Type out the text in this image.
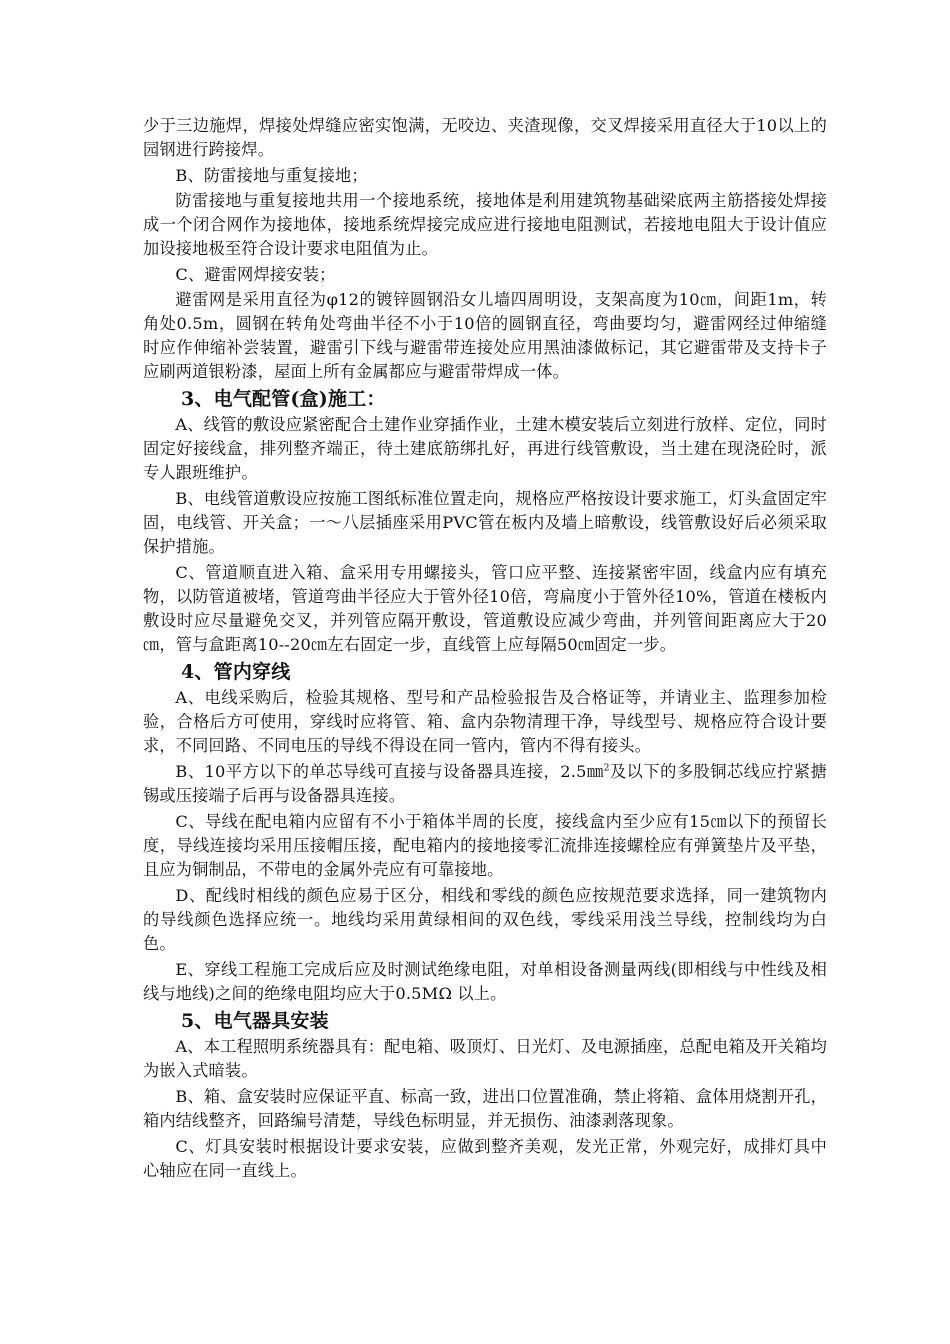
少于三边施焊，焊接处焊缝应密实饱满，无咬边、夹渣现像，交叉焊接采用直径大于10以上的园钢进行跨接焊。

B、防雷接地与重复接地；

防雷接地与重复接地共用一个接地系统，接地体是利用建筑物基础梁底两主筋搭接处焊接成一个闭合网作为接地体，接地系统焊接完成应进行接地电阻测试，若接地电阻大于设计值应加设接地极至符合设计要求电阻值为止。

C、避雷网焊接安装；

避雷网是采用直径为φ12的镀锌圆钢沿女儿墙四周明设，支架高度为10㎝，间距1m，转角处0.5m，圆钢在转角处弯曲半径不小于10倍的圆钢直径，弯曲要均匀，避雷网经过伸缩缝时应作伸缩补尝装置，避雷引下线与避雷带连接处应用黑油漆做标记，其它避雷带及支持卡子应刷两道银粉漆，屋面上所有金属都应与避雷带焊成一体。

3、电气配管(盒)施工：

A、线管的敷设应紧密配合土建作业穿插作业，土建木模安装后立刻进行放样、定位，同时固定好接线盒，排列整齐端正，待土建底筋绑扎好，再进行线管敷设，当土建在现浇砼时，派专人跟班维护。

B、电线管道敷设应按施工图纸标准位置走向，规格应严格按设计要求施工，灯头盒固定牢固，电线管、开关盒；一～八层插座采用PVC管在板内及墙上暗敷设，线管敷设好后必须采取保护措施。

C、管道顺直进入箱、盒采用专用螺接头，管口应平整、连接紧密牢固，线盒内应有填充物，以防管道被堵，管道弯曲半径应大于管外径10倍，弯扁度小于管外径10%，管道在楼板内敷设时应尽量避免交叉，并列管应隔开敷设，管道敷设应减少弯曲，并列管间距离应大于20㎝，管与盒距离10--20㎝左右固定一步，直线管上应每隔50㎝固定一步。

4、管内穿线

A、电线采购后，检验其规格、型号和产品检验报告及合格证等，并请业主、监理参加检验，合格后方可使用，穿线时应将管、箱、盒内杂物清理干净，导线型号、规格应符合设计要求，不同回路、不同电压的导线不得设在同一管内，管内不得有接头。

B、10平方以下的单芯导线可直接与设备器具连接，2.5㎜$^2$及以下的多股铜芯线应拧紧搪锡或压接端子后再与设备器具连接。

C、导线在配电箱内应留有不小于箱体半周的长度，接线盒内至少应有15㎝以下的预留长度，导线连接均采用压接帽压接，配电箱内的接地接零汇流排连接螺栓应有弹簧垫片及平垫，且应为铜制品，不带电的金属外壳应有可靠接地。

D、配线时相线的颜色应易于区分，相线和零线的颜色应按规范要求选择，同一建筑物内的导线颜色选择应统一。地线均采用黄绿相间的双色线，零线采用浅兰导线，控制线均为白色。

E、穿线工程施工完成后应及时测试绝缘电阻，对单相设备测量两线(即相线与中性线及相线与地线)之间的绝缘电阻均应大于0.5MΩ 以上。

5、电气器具安装

A、本工程照明系统器具有：配电箱、吸顶灯、日光灯、及电源插座，总配电箱及开关箱均为嵌入式暗装。

B、箱、盒安装时应保证平直、标高一致，进出口位置准确，禁止将箱、盒体用烧割开孔，箱内结线整齐，回路编号清楚，导线色标明显，并无损伤、油漆剥落现象。

C、灯具安装时根据设计要求安装，应做到整齐美观，发光正常，外观完好，成排灯具中心轴应在同一直线上。
